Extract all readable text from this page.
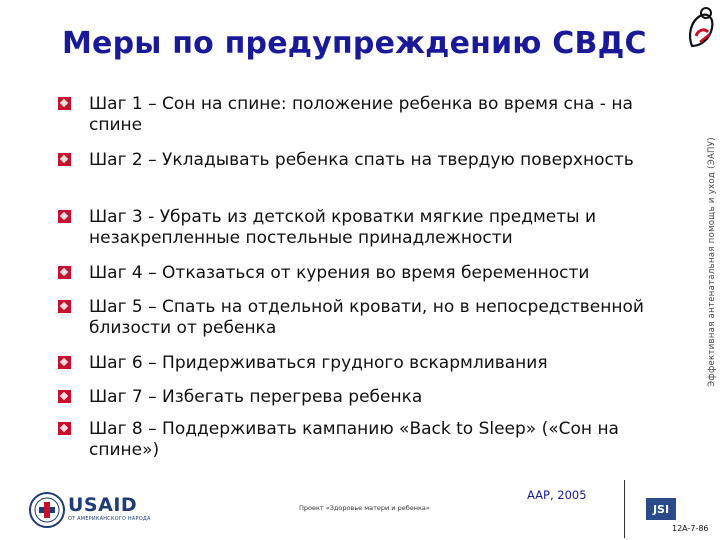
Меры по предупреждению СВДС
Эффективная антенатальная помощь и уход (ЭАПУ)
Шаг 1 – Сон на спине: положение ребенка во время сна - на спине
Шаг 2 – Укладывать ребенка спать на твердую поверхность
Шаг 3 - Убрать из детской кроватки мягкие предметы и незакрепленные постельные принадлежности
Шаг 4 – Отказаться от курения во время беременности
Шаг 5 – Спать на отдельной кровати, но в непосредственной близости от ребенка
Шаг 6 – Придерживаться грудного вскармливания
Шаг 7 – Избегать перегрева ребенка
Шаг 8 – Поддерживать кампанию «Back to Sleep» («Сон на спине»)
AAP, 2005
USAID
ОТ АМЕРИКАНСКОГО НАРОДА
Проект «Здоровье матери и ребенка»	JSI
12A-7-86
